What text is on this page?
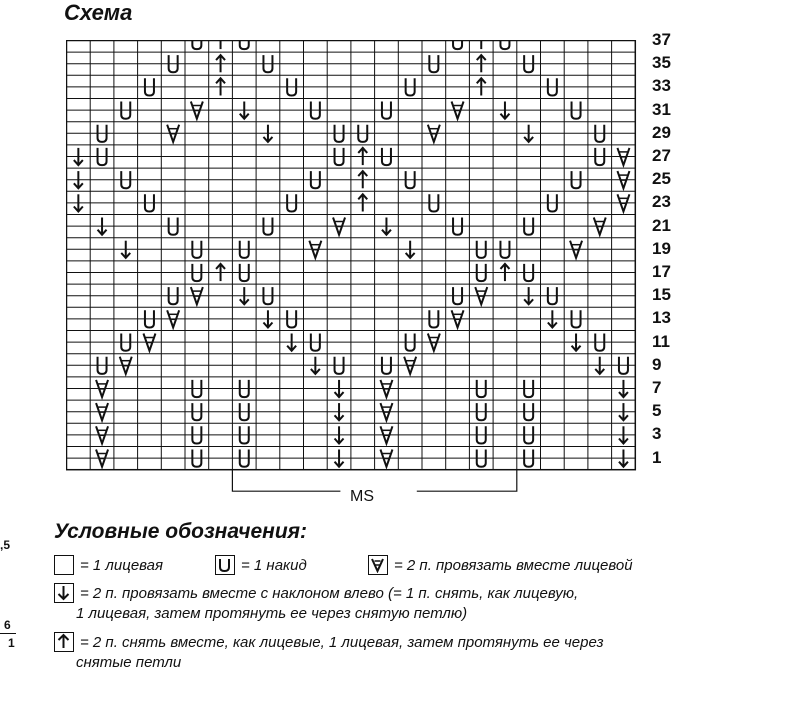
Схема
37
35
33
31
29
27
25
23
21
19
17
15
13
11
9
7
5
3
1
MS
Условные обозначения:
= 1 лицевая	= 1 накид	= 2 п. провязать вместе лицевой
= 2 п. провязать вместе с наклоном влево (= 1 п. снять, как лицевую,
1 лицевая, затем протянуть ее через снятую петлю)
= 2 п. снять вместе, как лицевые, 1 лицевая, затем протянуть ее через
снятые петли
,5
6
1
